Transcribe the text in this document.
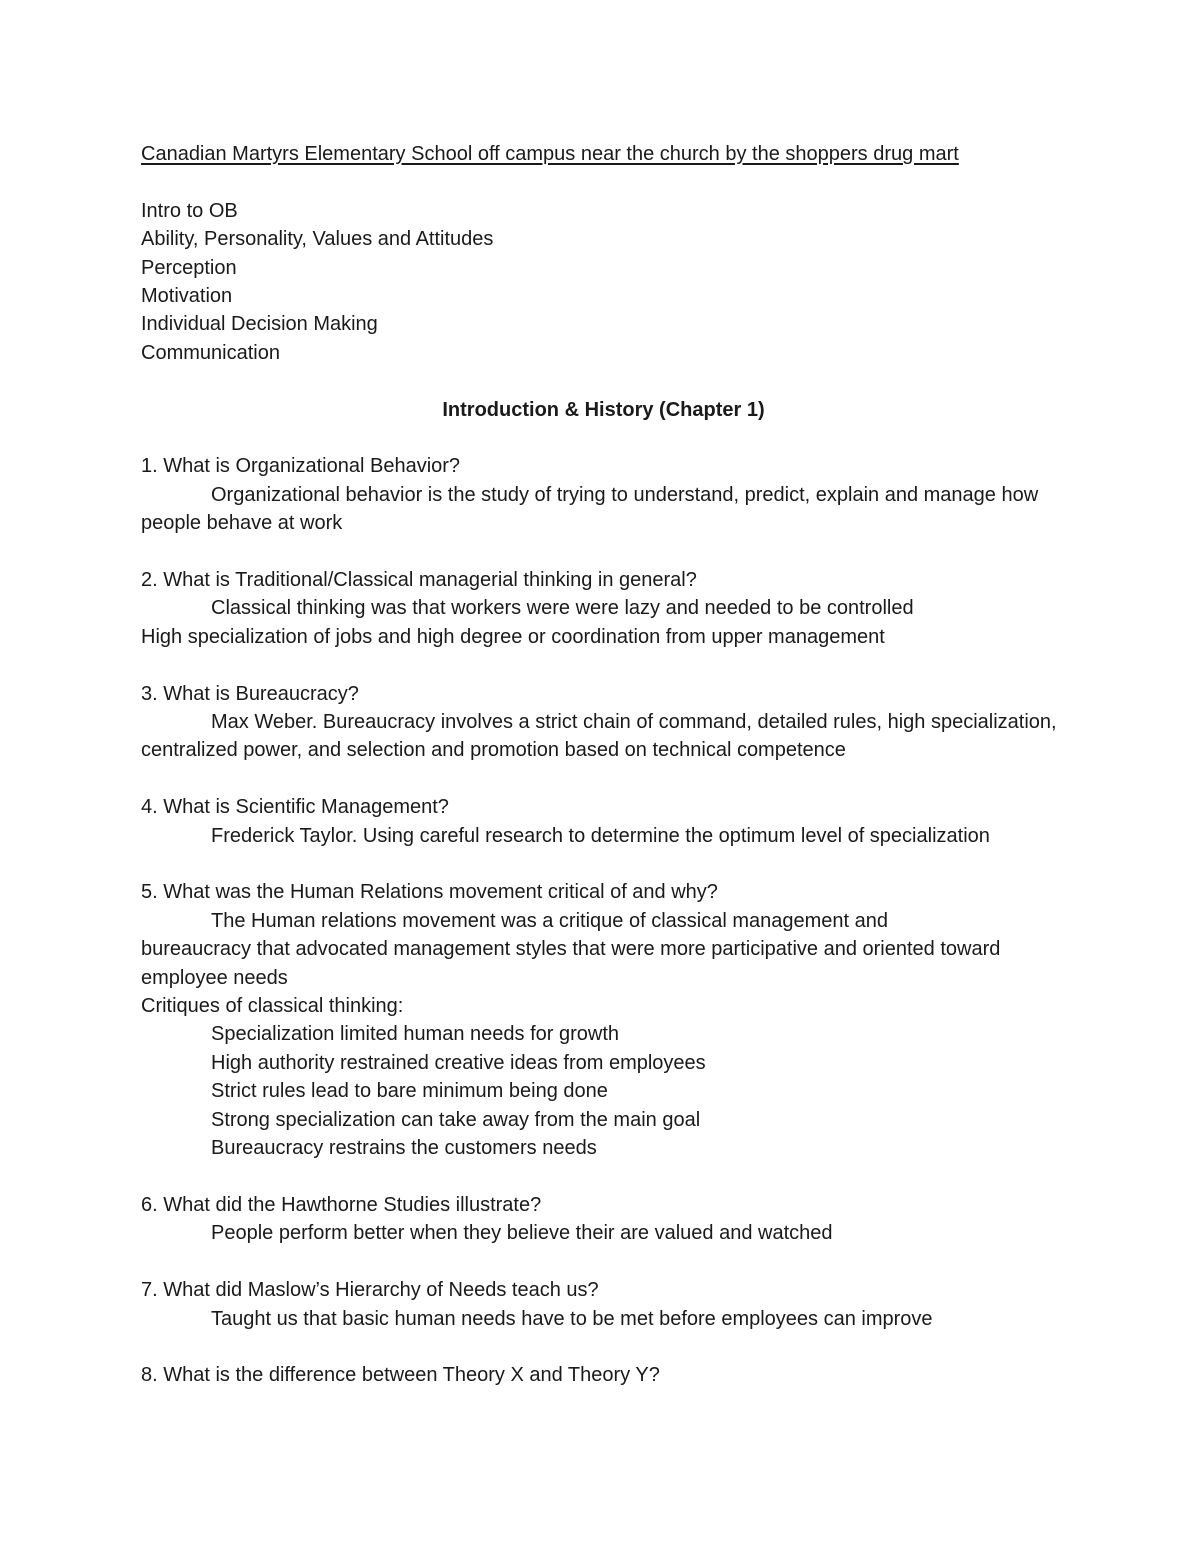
Canadian Martyrs Elementary School off campus near the church by the shoppers drug mart

Intro to OB

Ability, Personality, Values and Attitudes

Perception

Motivation

Individual Decision Making

Communication

Introduction & History (Chapter 1)

1. What is Organizational Behavior?

Organizational behavior is the study of trying to understand, predict, explain and manage how people behave at work

2. What is Traditional/Classical managerial thinking in general?

Classical thinking was that workers were were lazy and needed to be controlled

High specialization of jobs and high degree or coordination from upper management

3. What is Bureaucracy?

Max Weber. Bureaucracy involves a strict chain of command, detailed rules, high specialization, centralized power, and selection and promotion based on technical competence

4. What is Scientific Management?

Frederick Taylor. Using careful research to determine the optimum level of specialization

5. What was the Human Relations movement critical of and why?

The Human relations movement was a critique of classical management and bureaucracy that advocated management styles that were more participative and oriented toward employee needs

Critiques of classical thinking:

Specialization limited human needs for growth

High authority restrained creative ideas from employees

Strict rules lead to bare minimum being done

Strong specialization can take away from the main goal

Bureaucracy restrains the customers needs

6. What did the Hawthorne Studies illustrate?

People perform better when they believe their are valued and watched

7. What did Maslow’s Hierarchy of Needs teach us?

Taught us that basic human needs have to be met before employees can improve

8. What is the difference between Theory X and Theory Y?
